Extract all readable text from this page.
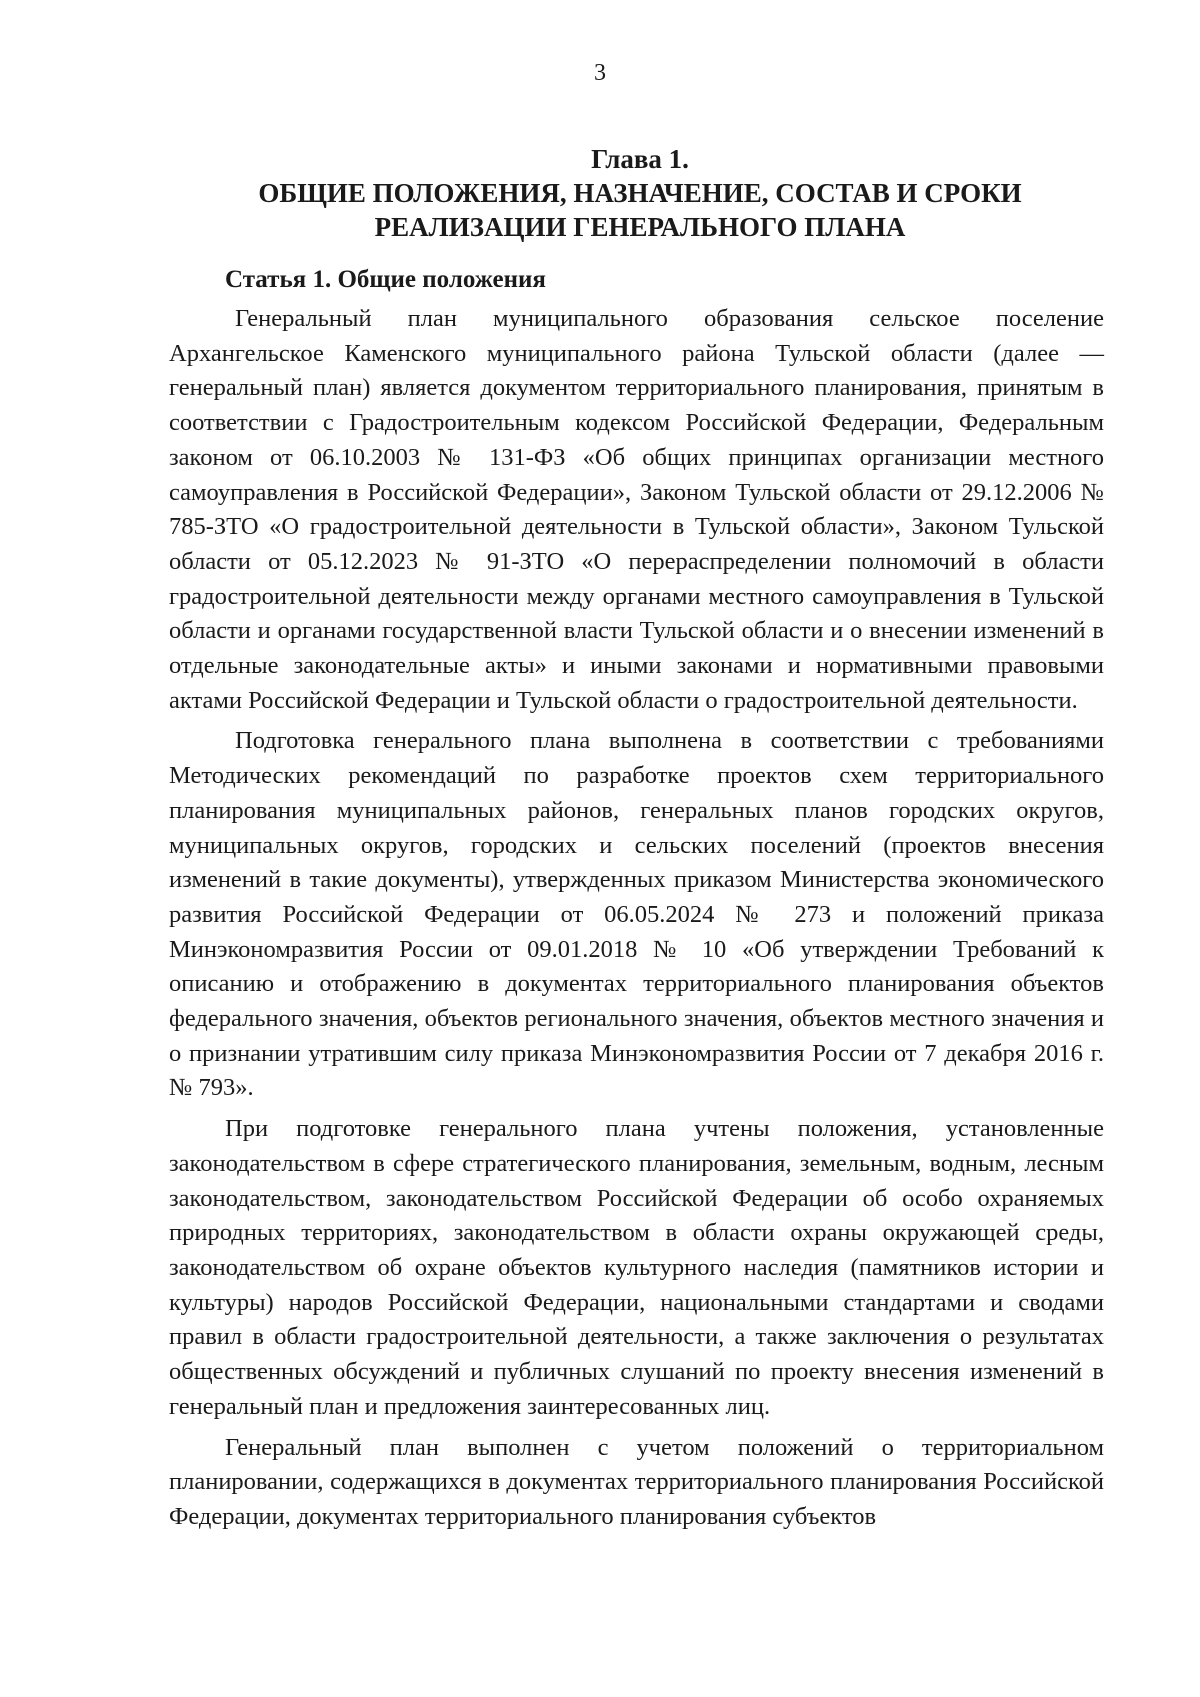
3
Глава 1.
ОБЩИЕ ПОЛОЖЕНИЯ, НАЗНАЧЕНИЕ, СОСТАВ И СРОКИ
РЕАЛИЗАЦИИ ГЕНЕРАЛЬНОГО ПЛАНА
Статья 1. Общие положения

Генеральный план муниципального образования сельское поселение Архангельское Каменского муниципального района Тульской области (далее — генеральный план) является документом территориального планирования, принятым в соответствии с Градостроительным кодексом Российской Федерации, Федеральным законом от 06.10.2003 № 131-ФЗ «Об общих принципах организации местного самоуправления в Российской Федерации», Законом Тульской области от 29.12.2006 № 785-ЗТО «О градостроительной деятельности в Тульской области», Законом Тульской области от 05.12.2023 № 91-ЗТО «О перераспределении полномочий в области градостроительной деятельности между органами местного самоуправления в Тульской области и органами государственной власти Тульской области и о внесении изменений в отдельные законодательные акты» и иными законами и нормативными правовыми актами Российской Федерации и Тульской области о градостроительной деятельности.

Подготовка генерального плана выполнена в соответствии с требованиями Методических рекомендаций по разработке проектов схем территориального планирования муниципальных районов, генеральных планов городских округов, муниципальных округов, городских и сельских поселений (проектов внесения изменений в такие документы), утвержденных приказом Министерства экономического развития Российской Федерации от 06.05.2024 № 273 и положений приказа Минэкономразвития России от 09.01.2018 № 10 «Об утверждении Требований к описанию и отображению в документах территориального планирования объектов федерального значения, объектов регионального значения, объектов местного значения и о признании утратившим силу приказа Минэкономразвития России от 7 декабря 2016 г. № 793».

При подготовке генерального плана учтены положения, установленные законодательством в сфере стратегического планирования, земельным, водным, лесным законодательством, законодательством Российской Федерации об особо охраняемых природных территориях, законодательством в области охраны окружающей среды, законодательством об охране объектов культурного наследия (памятников истории и культуры) народов Российской Федерации, национальными стандартами и сводами правил в области градостроительной деятельности, а также заключения о результатах общественных обсуждений и публичных слушаний по проекту внесения изменений в генеральный план и предложения заинтересованных лиц.

Генеральный план выполнен с учетом положений о территориальном планировании, содержащихся в документах территориального планирования Российской Федерации, документах территориального планирования субъектов
